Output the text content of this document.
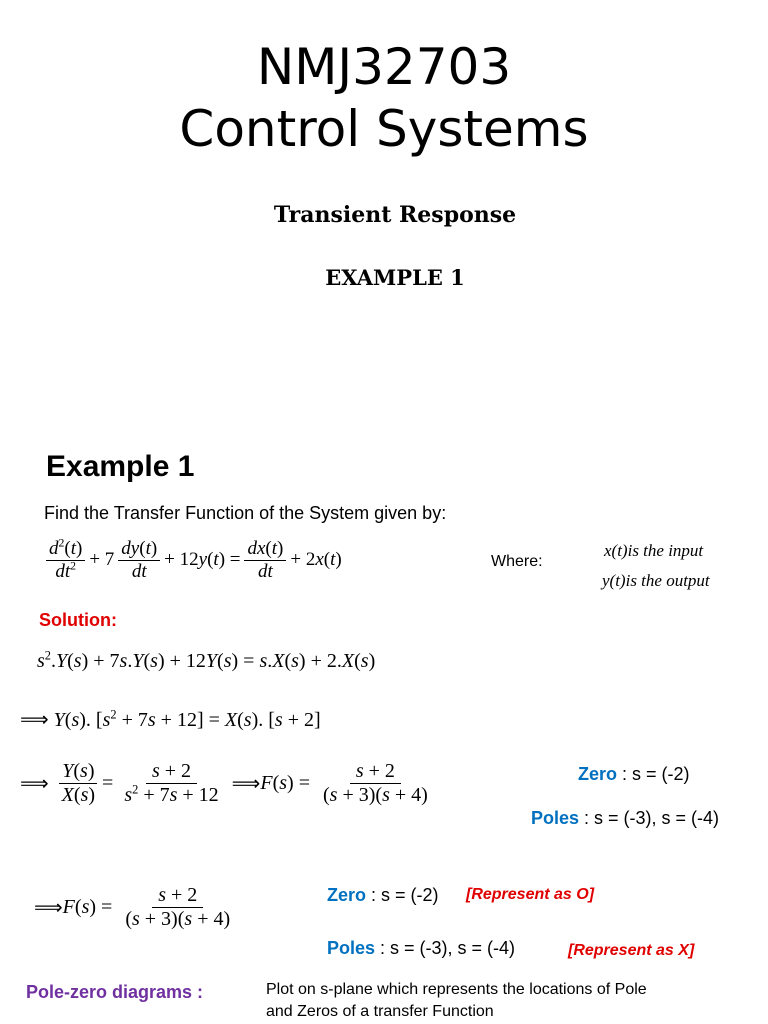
NMJ32703
Control Systems
Transient Response
EXAMPLE 1
Example 1
Find the Transfer Function of the System given by:
$\frac{d^2(t)}{dt^2} + 7 \frac{dy(t)}{dt} + 12$ y ( t ) = $\frac{dx(t)}{dt} + 2$ x ( t )	Where:
x(t)is the input
y(t)is the output
Solution:
$s^2.Y(s) + 7s.Y(s) + 12Y(s) = s.X(s) + 2.X(s)$
⟹ Y(s). $[s^2 + 7s + 12] = X(s)$. [s + 2]
⟹ $\frac{Y(s)}{X(s)} = \frac{s + 2}{s^2 + 7s + 12}$ ⟹ F ( s ) = $\frac{s + 2}{(s + 3)(s + 4)}$	Zero : s = (-2)
Poles : s = (-3), s = (-4)
⟹ F ( s ) = $\frac{s + 2}{(s + 3)(s + 4)}$	Zero : s = (-2) [Represent as O]
Poles : s = (-3), s = (-4)	[Represent as X]
Pole-zero diagrams :	Plot on s-plane which represents the locations of Pole
and Zeros of a transfer Function
